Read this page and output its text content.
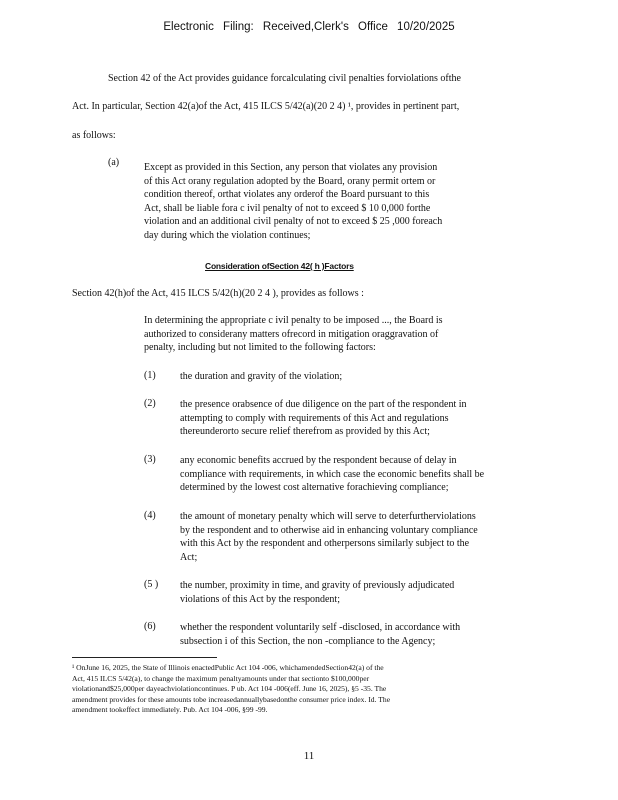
Electronic Filing: Received,Clerk's Office 10/20/2025
Section 42 of the Act provides guidance forcalculating civil penalties forviolations ofthe
Act. In particular, Section 42(a)of the Act, 415 ILCS 5/42(a)(20 2 4) ¹, provides in pertinent part,
as follows:
(a) Except as provided in this Section, any person that violates any provision
of this Act orany regulation adopted by the Board, orany permit ortem or
condition thereof, orthat violates any orderof the Board pursuant to this
Act, shall be liable fora c ivil penalty of not to exceed $ 10 0,000 forthe
violation and an additional civil penalty of not to exceed $ 25 ,000 foreach
day during which the violation continues;
Consideration ofSection 42( h )Factors
Section 42(h)of the Act, 415 ILCS 5/42(h)(20 2 4 ), provides as follows :
In determining the appropriate c ivil penalty to be imposed ..., the Board is
authorized to considerany matters ofrecord in mitigation oraggravation of
penalty, including but not limited to the following factors:
(1) the duration and gravity of the violation;
(2) the presence orabsence of due diligence on the part of the respondent in
attempting to comply with requirements of this Act and regulations
thereunderorto secure relief therefrom as provided by this Act;
(3) any economic benefits accrued by the respondent because of delay in
compliance with requirements, in which case the economic benefits shall be
determined by the lowest cost alternative forachieving compliance;
(4) the amount of monetary penalty which will serve to deterfurtherviolations
by the respondent and to otherwise aid in enhancing voluntary compliance
with this Act by the respondent and otherpersons similarly subject to the
Act;
(5 ) the number, proximity in time, and gravity of previously adjudicated
violations of this Act by the respondent;
(6) whether the respondent voluntarily self -disclosed, in accordance with
subsection i of this Section, the non -compliance to the Agency;
¹ OnJune 16, 2025, the State of Illinois enactedPublic Act 104 -006, whichamendedSection42(a) of the
Act, 415 ILCS 5/42(a), to change the maximum penaltyamounts under that sectionto $100,000per
violationand$25,000per dayeachviolationcontinues. P ub. Act 104 -006(eff. June 16, 2025), §5 -35. The
amendment provides for these amounts tobe increasedannuallybasedonthe consumer price index. Id. The
amendment tookeffect immediately. Pub. Act 104 -006, §99 -99.
11
